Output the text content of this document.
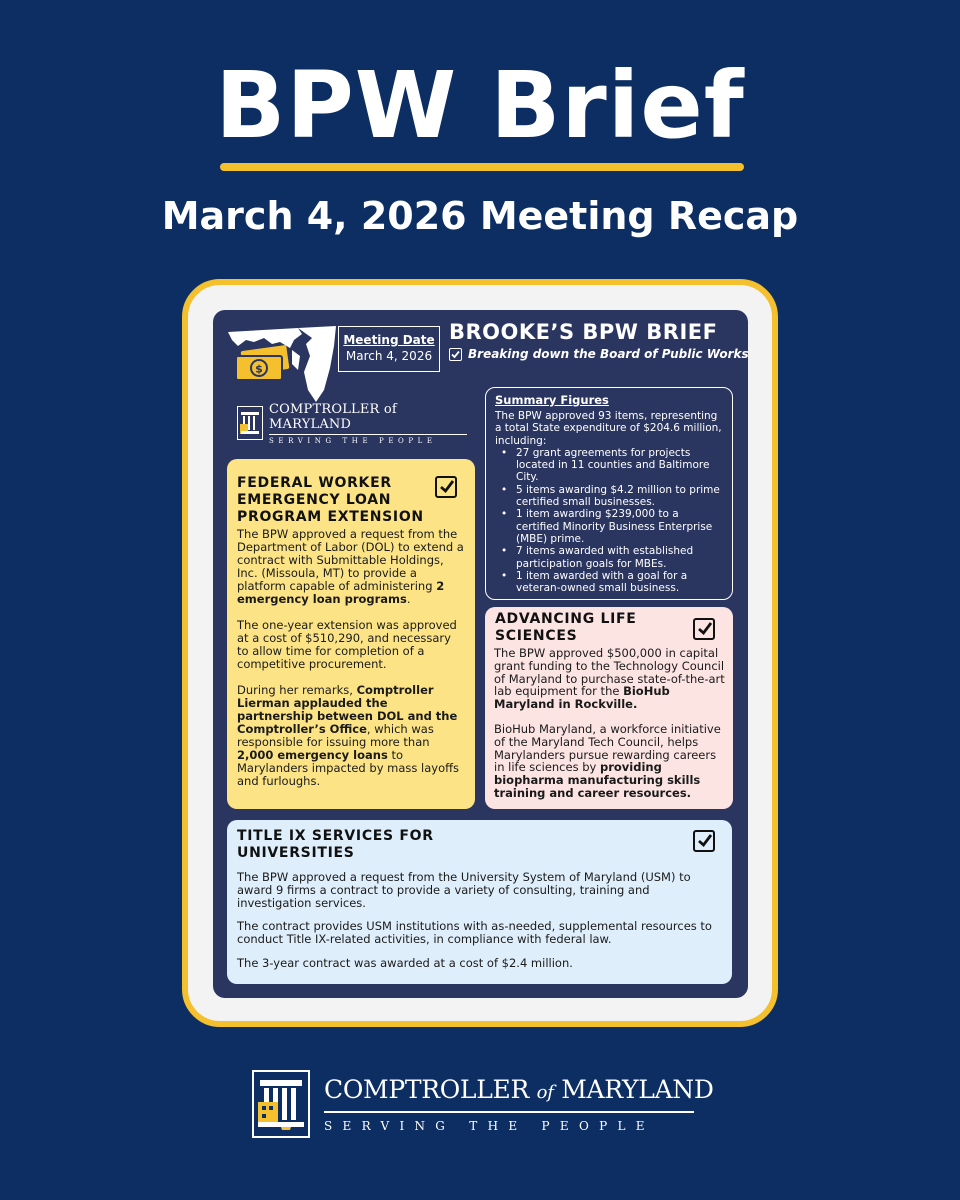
BPW Brief
March 4, 2026 Meeting Recap
$
Meeting Date
March 4, 2026
BROOKE’S BPW BRIEF
Breaking down the Board of Public Works
COMPTROLLER of MARYLAND
SERVING THE PEOPLE
Summary Figures

The BPW approved 93 items, representing a total State expenditure of $204.6 million, including:

• 27 grant agreements for projects located in 11 counties and Baltimore City.
• 5 items awarding $4.2 million to prime certified small businesses.
• 1 item awarding $239,000 to a certified Minority Business Enterprise (MBE) prime.
• 7 items awarded with established participation goals for MBEs.
• 1 item awarded with a goal for a veteran-owned small business.
FEDERAL WORKER EMERGENCY LOAN PROGRAM EXTENSION

The BPW approved a request from the Department of Labor (DOL) to extend a contract with Submittable Holdings, Inc. (Missoula, MT) to provide a platform capable of administering 2 emergency loan programs.

The one-year extension was approved at a cost of $510,290, and necessary to allow time for completion of a competitive procurement.

During her remarks, Comptroller Lierman applauded the partnership between DOL and the Comptroller’s Office, which was responsible for issuing more than 2,000 emergency loans to Marylanders impacted by mass layoffs and furloughs.

ADVANCING LIFE SCIENCES

The BPW approved $500,000 in capital grant funding to the Technology Council of Maryland to purchase state-of-the-art lab equipment for the BioHub Maryland in Rockville.

BioHub Maryland, a workforce initiative of the Maryland Tech Council, helps Marylanders pursue rewarding careers in life sciences by providing biopharma manufacturing skills training and career resources.

TITLE IX SERVICES FOR UNIVERSITIES

The BPW approved a request from the University System of Maryland (USM) to award 9 firms a contract to provide a variety of consulting, training and investigation services.

The contract provides USM institutions with as-needed, supplemental resources to conduct Title IX-related activities, in compliance with federal law.

The 3-year contract was awarded at a cost of $2.4 million.

COMPTROLLER of MARYLAND
SERVING THE PEOPLE
